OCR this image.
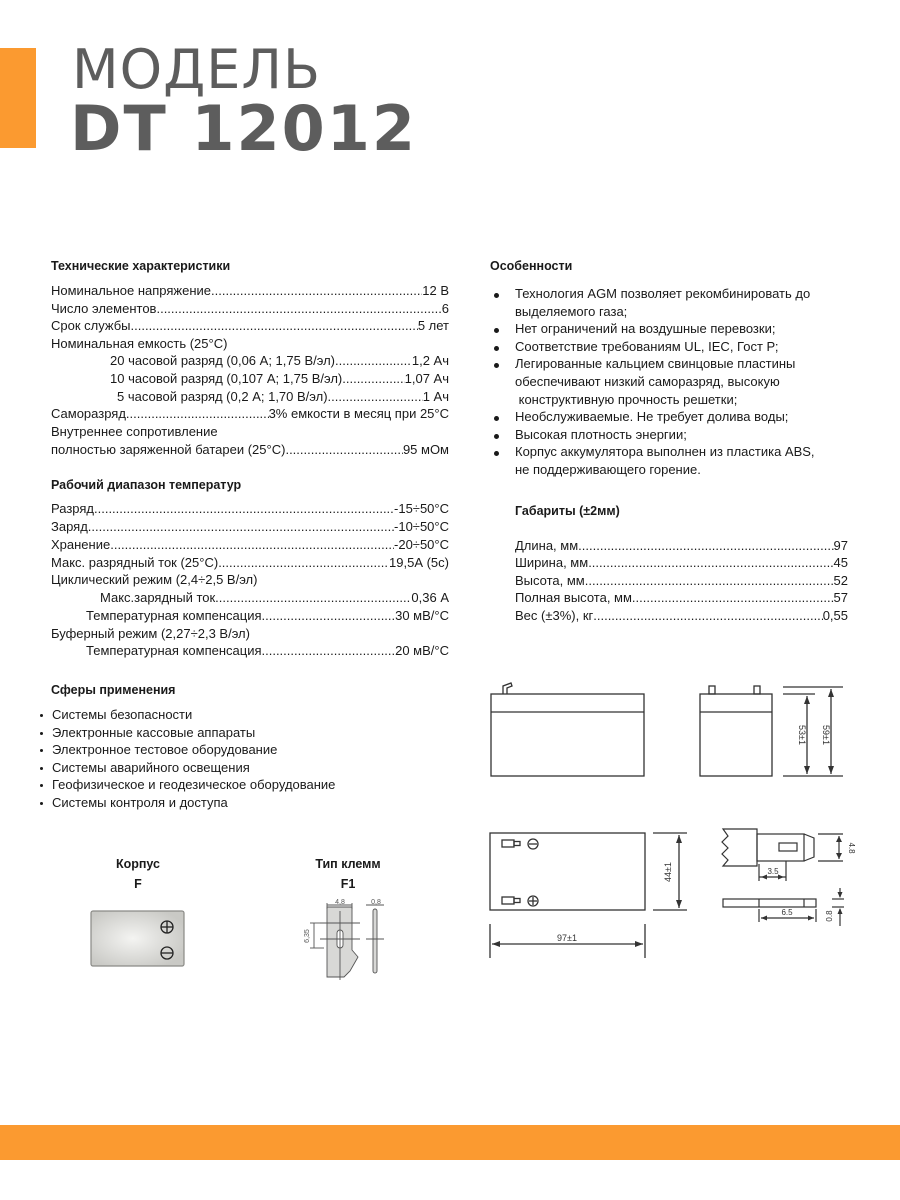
МОДЕЛЬ
DT 12012
Технические характеристики
Номинальное напряжение .....	12 В
Число элементов .....	6
Срок службы .....	5 лет
Номинальная емкость (25°C)
20 часовой разряд (0,06 А; 1,75 В/эл) .....	1,2 Ач
10 часовой разряд (0,107 А; 1,75 В/эл) .....	1,07 Ач
5 часовой разряд (0,2 А; 1,70 В/эл) .....	1 Ач
Саморазряд .....	3% емкости в месяц при 25°C
Внутреннее сопротивление
полностью заряженной батареи (25°C) .....	95 мОм
Рабочий диапазон температур
Разряд .....	-15÷50°C
Заряд .....	-10÷50°C
Хранение .....	-20÷50°C
Макс. разрядный ток (25°C) .....	19,5А (5с)
Циклический режим (2,4÷2,5 В/эл)
Макс.зарядный ток .....	0,36 А
Температурная компенсация .....	30 мВ/°C
Буферный режим (2,27÷2,3 В/эл)
Температурная компенсация .....	20 мВ/°C
Сферы применения
Системы безопасности
Электронные кассовые аппараты
Электронное тестовое оборудование
Системы аварийного освещения
Геофизическое и геодезическое оборудование
Системы контроля и доступа
Особенности
Технология AGM позволяет рекомбинировать до
выделяемого газа;
Нет ограничений на воздушные перевозки;
Соответствие требованиям UL, IEC, Гост Р;
Легированные кальцием свинцовые пластины
обеспечивают низкий саморазряд, высокую
конструктивную прочность решетки;
Необслуживаемые. Не требует долива воды;
Высокая плотность энергии;
Корпус аккумулятора выполнен из пластика ABS,
не поддерживающего горение.
Габариты (±2мм)
Длина, мм .....	97
Ширина, мм .....	45
Высота, мм .....	52
Полная высота, мм .....	57
Вес (±3%), кг .....	0,55
53±1 59±1
44±1
97±1
4.8
3.5
6.5	0.8
Корпус
F
Тип клемм
F1
4,8	0,8
6,35
